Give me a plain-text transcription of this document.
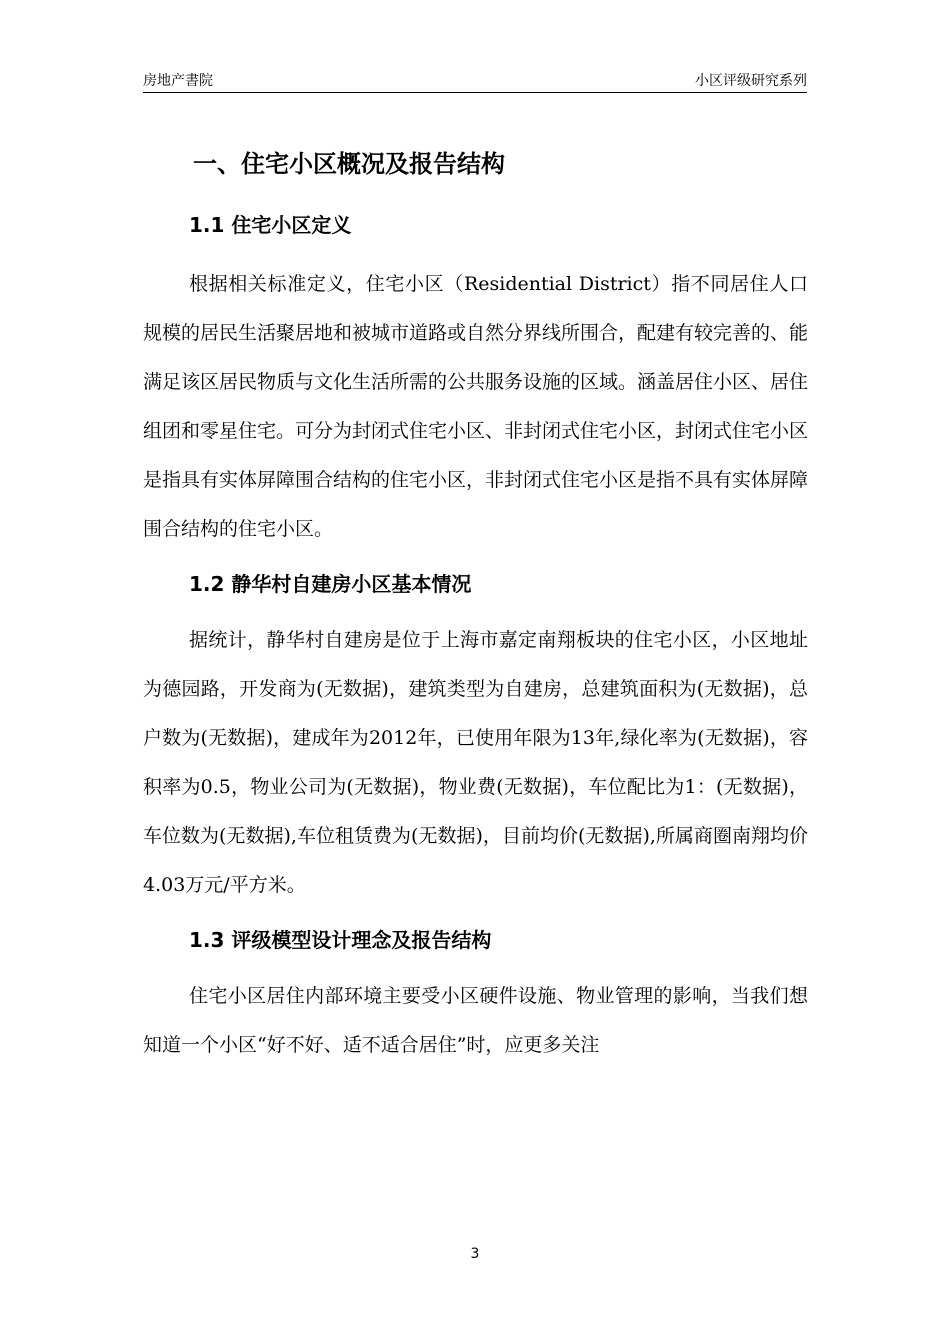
房地产書院	小区评级研究系列
一、住宅小区概况及报告结构
1.1 住宅小区定义

根据相关标准定义，住宅小区（Residential District）指不同居住人口规模的居民生活聚居地和被城市道路或自然分界线所围合，配建有较完善的、能满足该区居民物质与文化生活所需的公共服务设施的区域。涵盖居住小区、居住组团和零星住宅。可分为封闭式住宅小区、非封闭式住宅小区，封闭式住宅小区是指具有实体屏障围合结构的住宅小区，非封闭式住宅小区是指不具有实体屏障围合结构的住宅小区。

1.2 静华村自建房小区基本情况

据统计，静华村自建房是位于上海市嘉定南翔板块的住宅小区，小区地址为德园路，开发商为(无数据)，建筑类型为自建房，总建筑面积为(无数据)，总户数为(无数据)，建成年为2012年，已使用年限为13年,绿化率为(无数据)，容积率为0.5，物业公司为(无数据)，物业费(无数据)，车位配比为1：(无数据)，车位数为(无数据),车位租赁费为(无数据)，目前均价(无数据),所属商圈南翔均价4.03万元/平方米。

1.3 评级模型设计理念及报告结构

住宅小区居住内部环境主要受小区硬件设施、物业管理的影响，当我们想知道一个小区“好不好、适不适合居住”时，应更多关注

3
